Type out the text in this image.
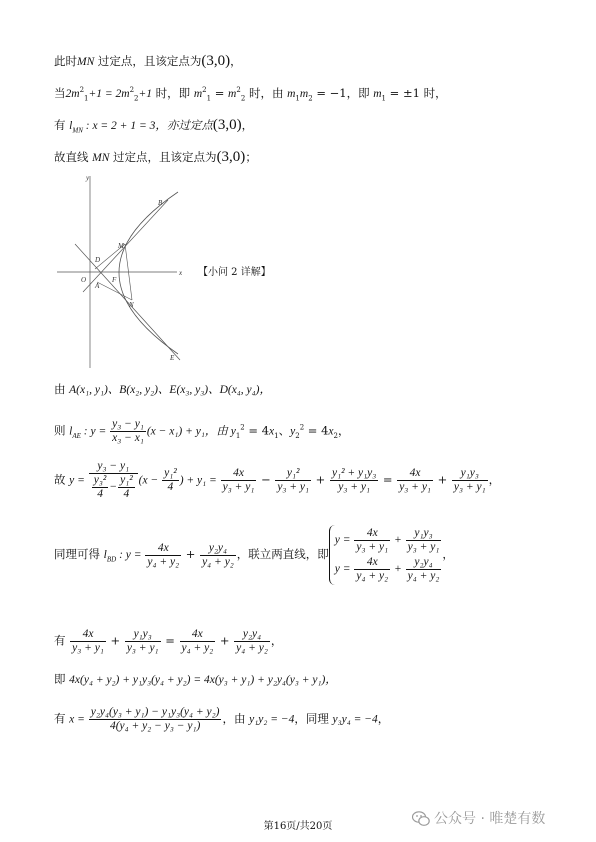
此时MN 过定点，且该定点为(3,0)，
当$2m^2_1+1 = 2m^2_2+1$ 时，即 $m^2_1 = m^2_2$ 时，由 $m_1m_2 = -1$，即 $m_1 = \pm 1$ 时，
有 $l_{MN}$ : x = 2 + 1 = 3，亦过定点(3,0)，
故直线 MN 过定点，且该定点为(3,0)；
x
y
O
D
A
F
M
N
B
E
【小问 2 详解】
由 A(x₁, y₁)、B(x₂, y₂)、E(x₃, y₃)、D(x₄, y₄)，
则 $l_{AE}$ : $y = \frac{\text{y₃ − y₁}}{\text{x₃ − x₁}} (x - x_1) + y_1$，由 $y_1^2 = 4x_1$、$y_2^2 = 4x_2$，
故 $y = \frac{\text{y₃ − y₁}}{\frac{\text{y₃²}}{4} - \frac{\text{y₁²}}{4}} (x - \frac{\text{y₁²}}{4}$ ) + $y_1 = \frac{4x}{\text{y₃ + y₁}} - \frac{\text{y₁²}}{\text{y₃ + y₁}} + \frac{\text{y₁² + y₁y₃}}{\text{y₃ + y₁}} = \frac{4x}{\text{y₃ + y₁}} + \frac{\text{y₁y₃}}{\text{y₃ + y₁}}$ ，
同理可得 $l_{BD}$ : $y = \frac{4x}{\text{y₄ + y₂}} + \frac{\text{y₂y₄}}{\text{y₄ + y₂}}$ ，联立两直线，即
$y = \frac{4x}{\text{y₃ + y₁}} + \frac{\text{y₁y₃}}{\text{y₃ + y₁}}$
$y = \frac{4x}{\text{y₄ + y₂}} + \frac{\text{y₂y₄}}{\text{y₄ + y₂}}$
，
有 $\frac{4x}{\text{y₃ + y₁}} + \frac{\text{y₁y₃}}{\text{y₃ + y₁}} = \frac{4x}{\text{y₄ + y₂}} + \frac{\text{y₂y₄}}{\text{y₄ + y₂}}$ ，
即 4x(y₄ + y₂) + y₁y₃(y₄ + y₂) = 4x(y₃ + y₁) + y₂y₄(y₃ + y₁)，
有 $x = \frac{\text{y₂y₄(y₃ + y₁) − y₁y₃(y₄ + y₂)}}{\text{4(y₄ + y₂ − y₃ − y₁)}}$ ，由 y₁y₂ = −4，同理 y₃y₄ = −4，
第16页/共20页	公众号 · 唯楚有数
